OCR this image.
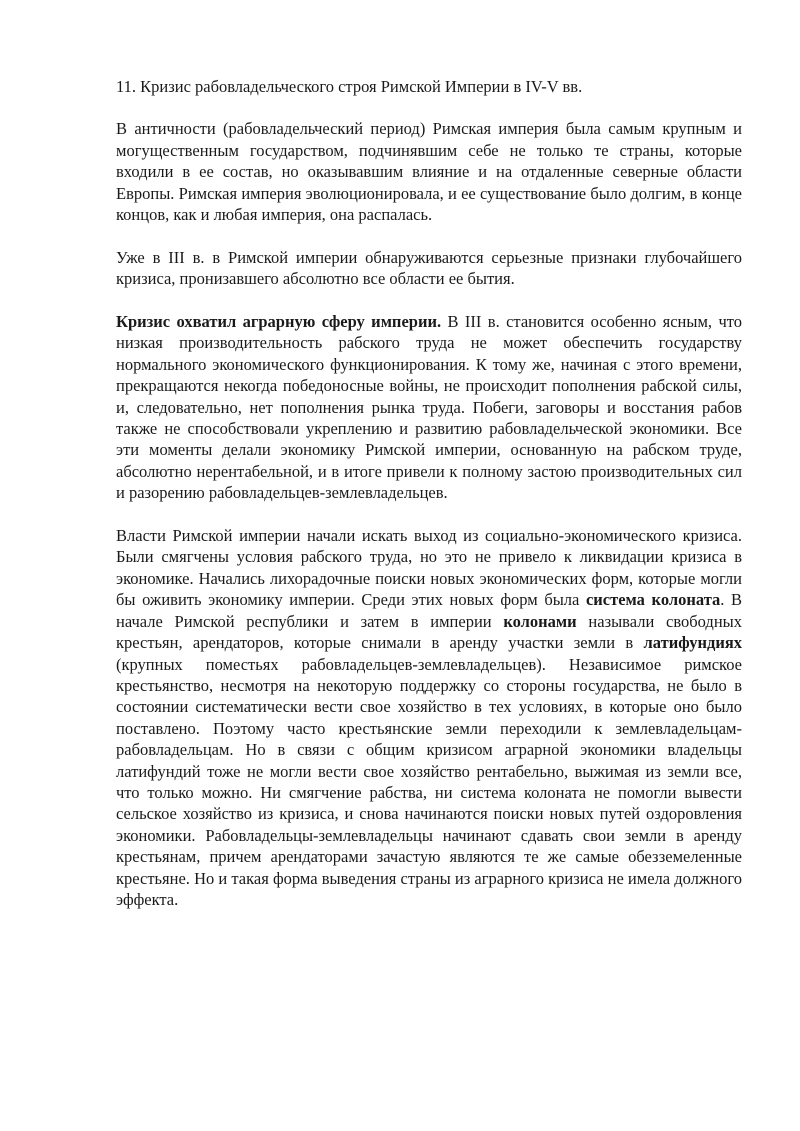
11. Кризис рабовладельческого строя Римской Империи в IV-V вв.

В античности (рабовладельческий период) Римская империя была самым крупным и могущественным государством, подчинявшим себе не только те страны, которые входили в ее состав, но оказывавшим влияние и на отдаленные северные области Европы. Римская империя эволюционировала, и ее существование было долгим, в конце концов, как и любая империя, она распалась.

Уже в III в. в Римской империи обнаруживаются серьезные признаки глубочайшего кризиса, пронизавшего абсолютно все области ее бытия.

Кризис охватил аграрную сферу империи. В III в. становится особенно ясным, что низкая производительность рабского труда не может обеспечить государству нормального экономического функционирования. К тому же, начиная с этого времени, прекращаются некогда победоносные войны, не происходит пополнения рабской силы, и, следовательно, нет пополнения рынка труда. Побеги, заговоры и восстания рабов также не способствовали укреплению и развитию рабовладельческой экономики. Все эти моменты делали экономику Римской империи, основанную на рабском труде, абсолютно нерентабельной, и в итоге привели к полному застою производительных сил и разорению рабовладельцев-землевладельцев.

Власти Римской империи начали искать выход из социально-экономического кризиса. Были смягчены условия рабского труда, но это не привело к ликвидации кризиса в экономике. Начались лихорадочные поиски новых экономических форм, которые могли бы оживить экономику империи. Среди этих новых форм была система колоната. В начале Римской республики и затем в империи колонами называли свободных крестьян, арендаторов, которые снимали в аренду участки земли в латифундиях (крупных поместьях рабовладельцев-землевладельцев). Независимое римское крестьянство, несмотря на некоторую поддержку со стороны государства, не было в состоянии систематически вести свое хозяйство в тех условиях, в которые оно было поставлено. Поэтому часто крестьянские земли переходили к землевладельцам-рабовладельцам. Но в связи с общим кризисом аграрной экономики владельцы латифундий тоже не могли вести свое хозяйство рентабельно, выжимая из земли все, что только можно. Ни смягчение рабства, ни система колоната не помогли вывести сельское хозяйство из кризиса, и снова начинаются поиски новых путей оздоровления экономики. Рабовладельцы-землевладельцы начинают сдавать свои земли в аренду крестьянам, причем арендаторами зачастую являются те же самые обезземеленные крестьяне. Но и такая форма выведения страны из аграрного кризиса не имела должного эффекта.
